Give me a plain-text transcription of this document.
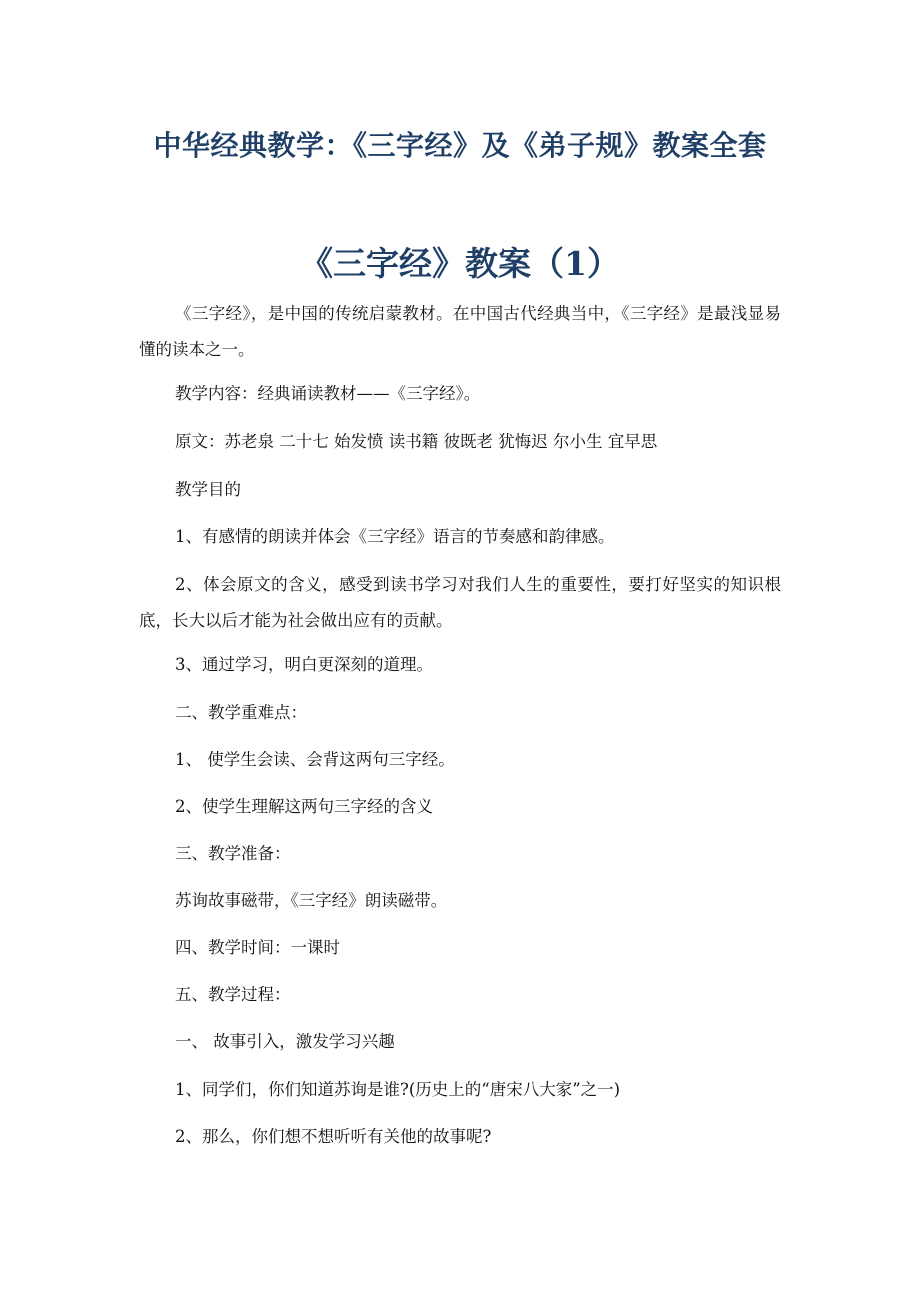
中华经典教学：《三字经》及《弟子规》教案全套
《三字经》教案（1）
《三字经》，是中国的传统启蒙教材。在中国古代经典当中，《三字经》是最浅显易懂的读本之一。
教学内容：经典诵读教材——《三字经》。
原文：苏老泉 二十七 始发愤 读书籍 彼既老 犹悔迟 尔小生 宜早思
教学目的
1、有感情的朗读并体会《三字经》语言的节奏感和韵律感。
2、体会原文的含义，感受到读书学习对我们人生的重要性，要打好坚实的知识根底，长大以后才能为社会做出应有的贡献。
3、通过学习，明白更深刻的道理。
二、教学重难点：
1、 使学生会读、会背这两句三字经。
2、使学生理解这两句三字经的含义
三、教学准备：
苏询故事磁带，《三字经》朗读磁带。
四、教学时间：一课时
五、教学过程：
一、 故事引入，激发学习兴趣
1、同学们，你们知道苏询是谁?(历史上的“唐宋八大家”之一)
2、那么，你们想不想听听有关他的故事呢?
